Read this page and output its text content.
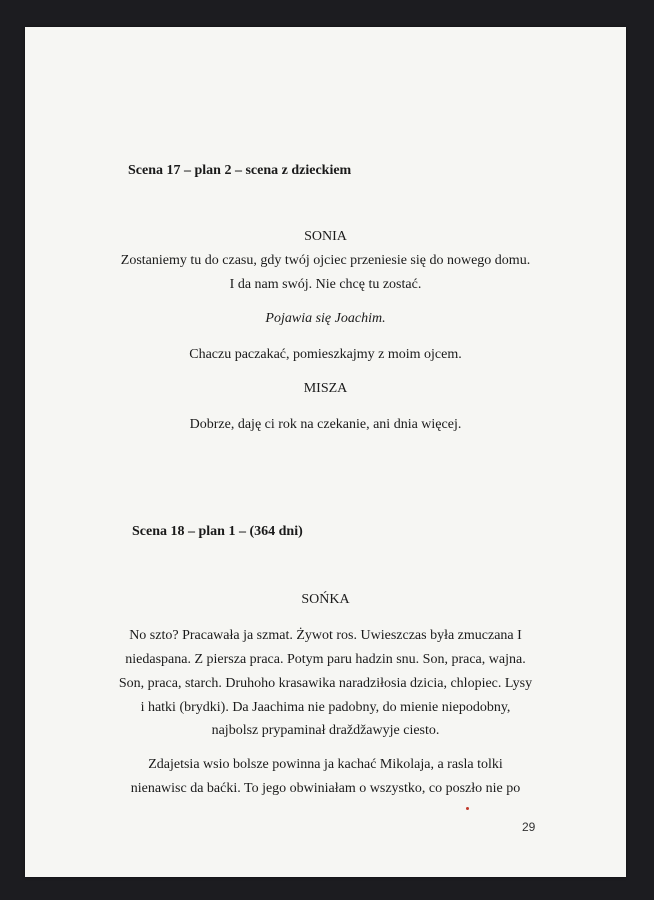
Scena 17 – plan 2 – scena z dzieckiem
SONIA
Zostaniemy tu do czasu, gdy twój ojciec przeniesie się do nowego domu.
I da nam swój. Nie chcę tu zostać.
Pojawia się Joachim.
Chaczu paczakać, pomieszkajmy z moim ojcem.
MISZA
Dobrze, daję ci rok na czekanie, ani dnia więcej.
Scena 18 – plan 1 – (364 dni)
SOŃKA
No szto? Pracawała ja szmat. Żywot ros. Uwieszczas była zmuczana I
niedaspana. Z piersza praca. Potym paru hadzin snu. Son, praca, wajna.
Son, praca, starch. Druhoho krasawika naradziłosia dzicia, chlopiec. Lysy
i hatki (brydki). Da Jaachima nie padobny, do mienie niepodobny,
najbolsz prypaminał draždžawyje ciesto.
Zdajetsia wsio bolsze powinna ja kachać Mikolaja, a rasla tolki
nienawisc da baćki. To jego obwiniałam o wszystko, co poszło nie po
29
